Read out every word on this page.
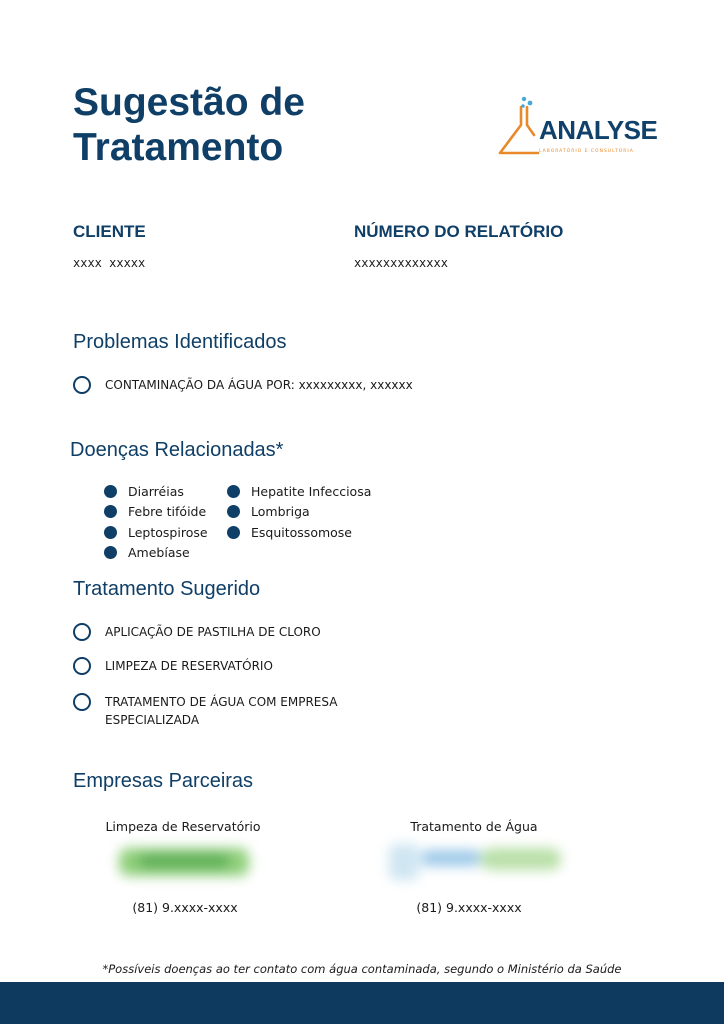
Sugestão de
Tratamento	ANALYSE
LABORATÓRIO E CONSULTORIA
CLIENTE
xxxx xxxxx
NÚMERO DO RELATÓRIO
xxxxxxxxxxxxx
Problemas Identificados
CONTAMINAÇÃO DA ÁGUA POR: xxxxxxxxx, xxxxxx
Doenças Relacionadas*
Diarréias
Febre tifóide
Leptospirose
Amebíase
Hepatite Infecciosa
Lombriga
Esquitossomose
Tratamento Sugerido
APLICAÇÃO DE PASTILHA DE CLORO
LIMPEZA DE RESERVATÓRIO
TRATAMENTO DE ÁGUA COM EMPRESA ESPECIALIZADA
Empresas Parceiras
Limpeza de Reservatório
(81) 9.xxxx-xxxx
Tratamento de Água
(81) 9.xxxx-xxxx
*Possíveis doenças ao ter contato com água contaminada, segundo o Ministério da Saúde
